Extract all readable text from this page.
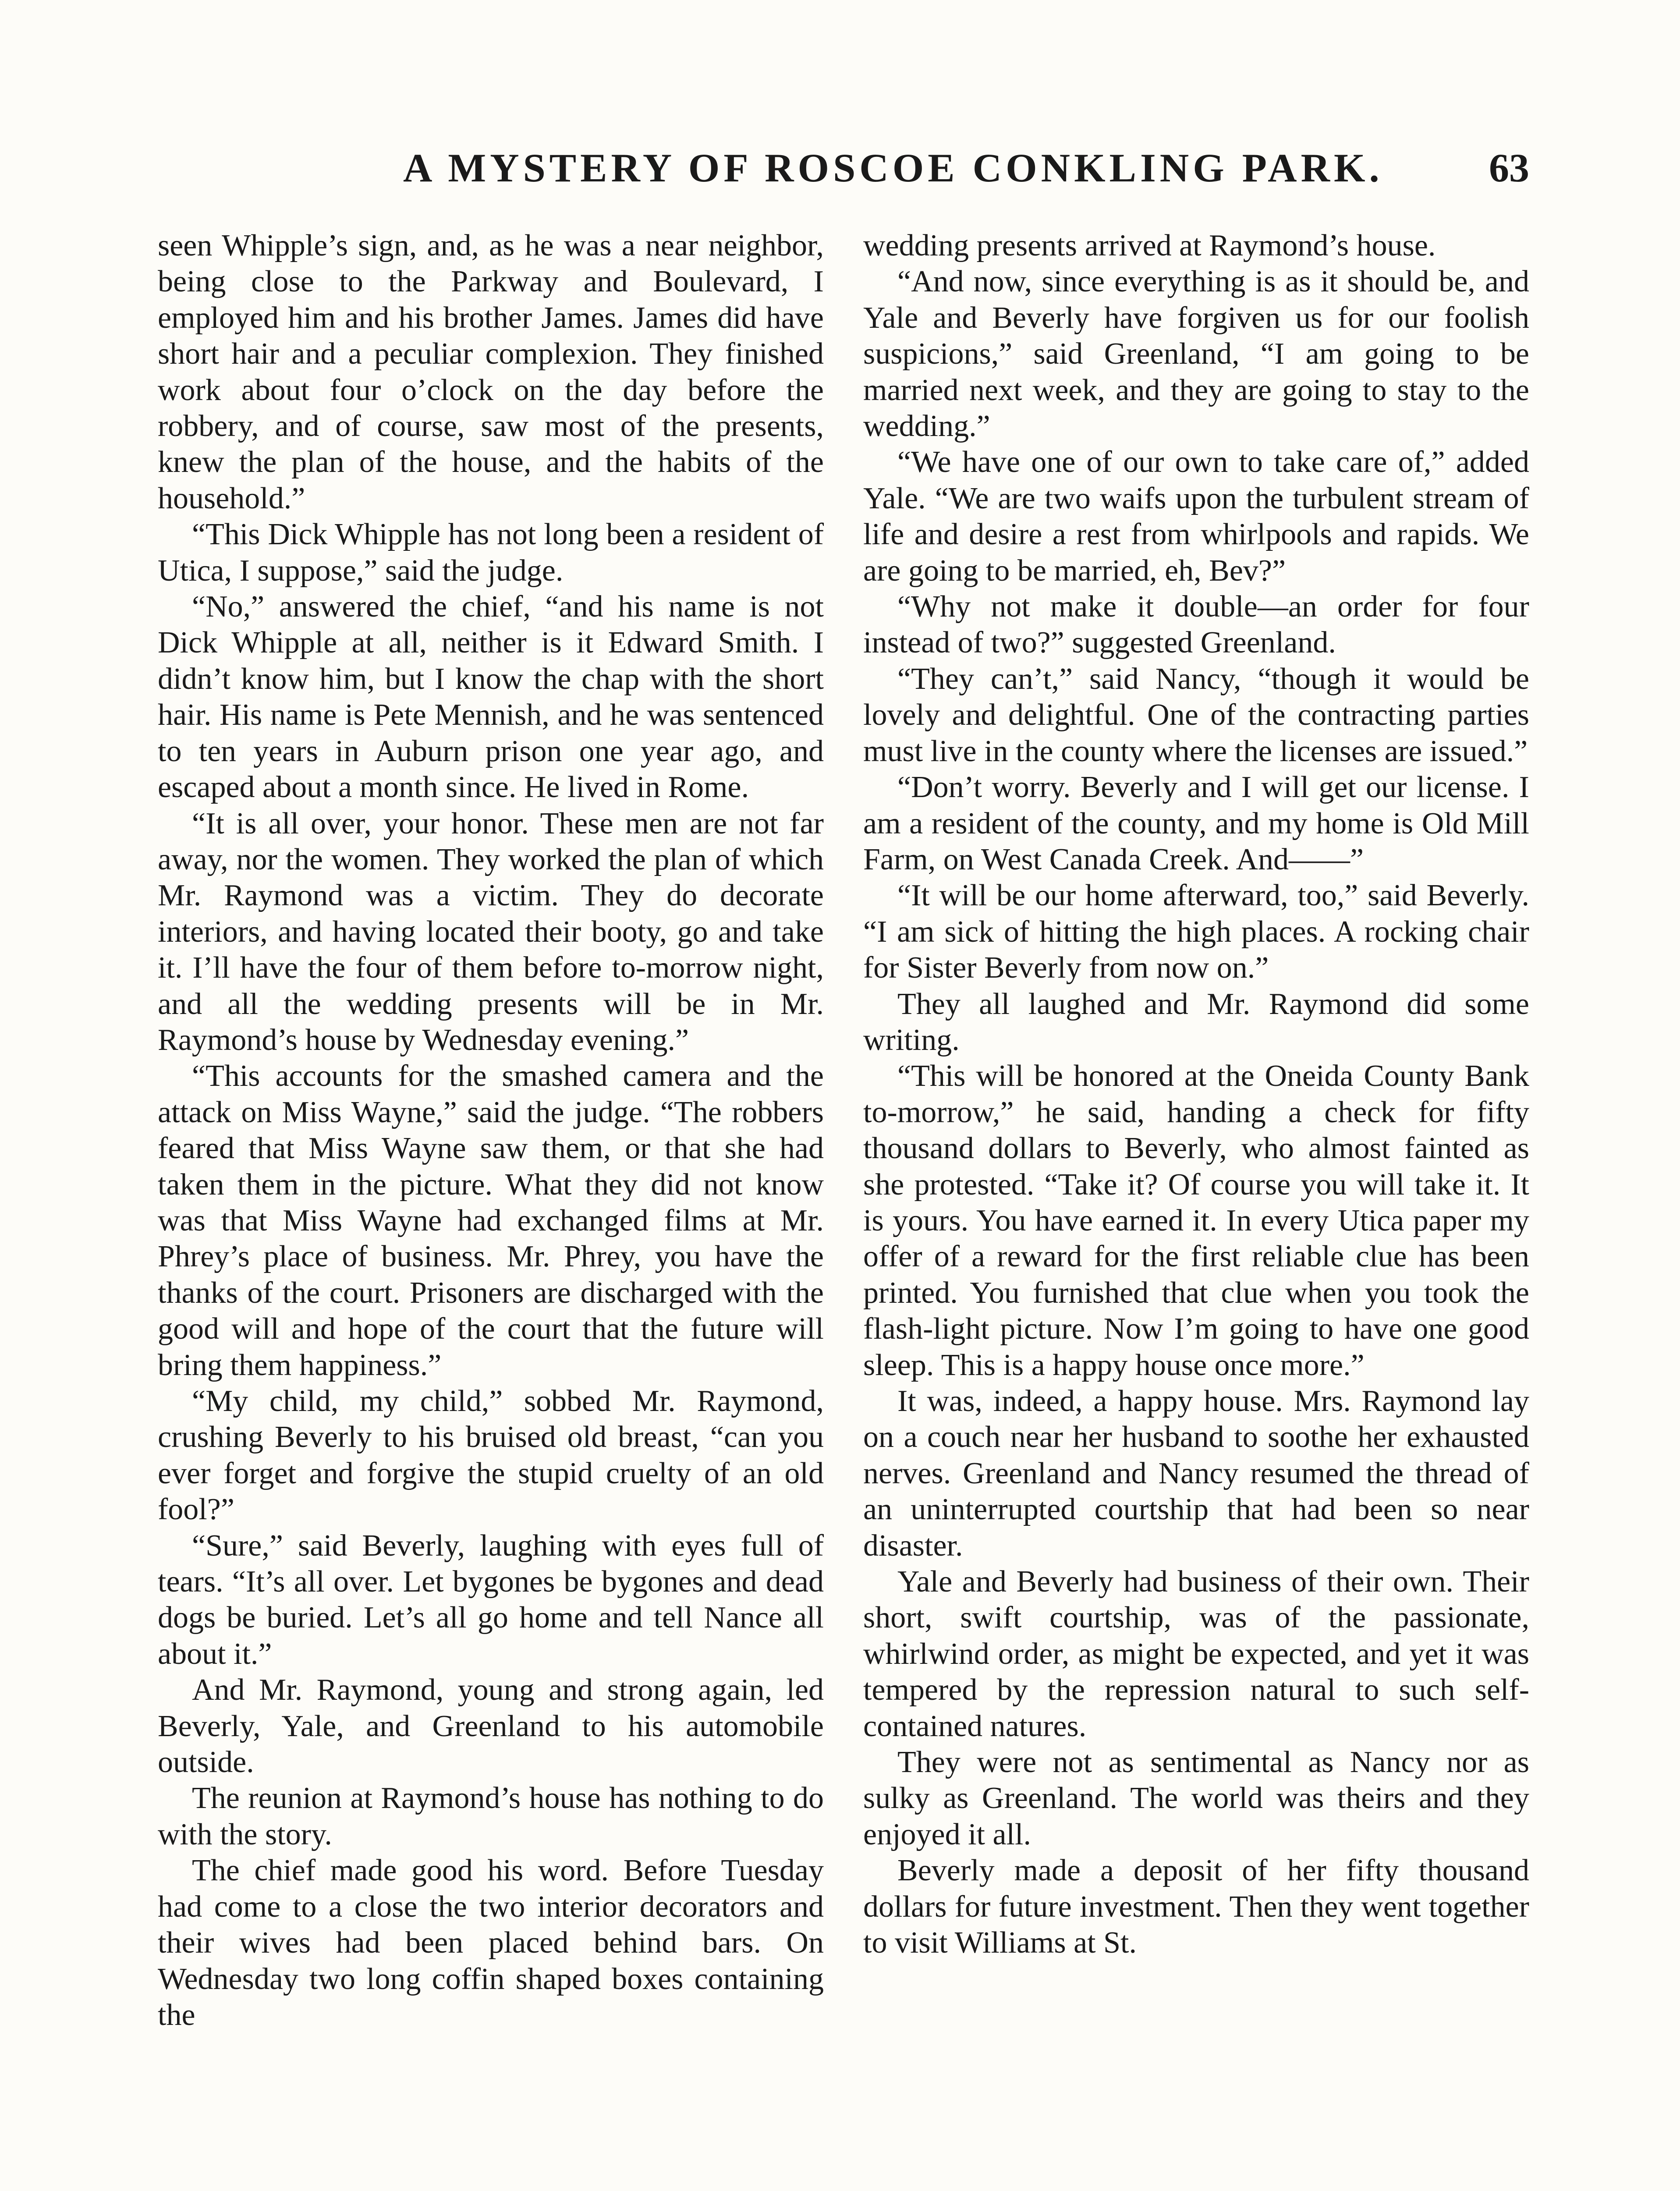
A MYSTERY OF ROSCOE CONKLING PARK.	63

seen Whipple’s sign, and, as he was a near neighbor, being close to the Parkway and Boulevard, I employed him and his brother James. James did have short hair and a peculiar complexion. They finished work about four o’clock on the day before the robbery, and of course, saw most of the presents, knew the plan of the house, and the habits of the household.”

“This Dick Whipple has not long been a resident of Utica, I suppose,” said the judge.

“No,” answered the chief, “and his name is not Dick Whipple at all, neither is it Edward Smith. I didn’t know him, but I know the chap with the short hair. His name is Pete Mennish, and he was sentenced to ten years in Auburn prison one year ago, and escaped about a month since. He lived in Rome.

“It is all over, your honor. These men are not far away, nor the women. They worked the plan of which Mr. Raymond was a victim. They do decorate interiors, and having located their booty, go and take it. I’ll have the four of them before to-morrow night, and all the wedding presents will be in Mr. Raymond’s house by Wednesday evening.”

“This accounts for the smashed camera and the attack on Miss Wayne,” said the judge. “The robbers feared that Miss Wayne saw them, or that she had taken them in the picture. What they did not know was that Miss Wayne had exchanged films at Mr. Phrey’s place of business. Mr. Phrey, you have the thanks of the court. Prisoners are discharged with the good will and hope of the court that the future will bring them happiness.”

“My child, my child,” sobbed Mr. Raymond, crushing Beverly to his bruised old breast, “can you ever forget and forgive the stupid cruelty of an old fool?”

“Sure,” said Beverly, laughing with eyes full of tears. “It’s all over. Let bygones be bygones and dead dogs be buried. Let’s all go home and tell Nance all about it.”

And Mr. Raymond, young and strong again, led Beverly, Yale, and Greenland to his automobile outside.

The reunion at Raymond’s house has nothing to do with the story.

The chief made good his word. Before Tuesday had come to a close the two interior decorators and their wives had been placed behind bars. On Wednesday two long coffin shaped boxes containing the

wedding presents arrived at Raymond’s house.

“And now, since everything is as it should be, and Yale and Beverly have forgiven us for our foolish suspicions,” said Greenland, “I am going to be married next week, and they are going to stay to the wedding.”

“We have one of our own to take care of,” added Yale. “We are two waifs upon the turbulent stream of life and desire a rest from whirlpools and rapids. We are going to be married, eh, Bev?”

“Why not make it double—an order for four instead of two?” suggested Greenland.

“They can’t,” said Nancy, “though it would be lovely and delightful. One of the contracting parties must live in the county where the licenses are issued.”

“Don’t worry. Beverly and I will get our license. I am a resident of the county, and my home is Old Mill Farm, on West Canada Creek. And——”

“It will be our home afterward, too,” said Beverly. “I am sick of hitting the high places. A rocking chair for Sister Beverly from now on.”

They all laughed and Mr. Raymond did some writing.

“This will be honored at the Oneida County Bank to-morrow,” he said, handing a check for fifty thousand dollars to Beverly, who almost fainted as she protested. “Take it? Of course you will take it. It is yours. You have earned it. In every Utica paper my offer of a reward for the first reliable clue has been printed. You furnished that clue when you took the flash-light picture. Now I’m going to have one good sleep. This is a happy house once more.”

It was, indeed, a happy house. Mrs. Raymond lay on a couch near her husband to soothe her exhausted nerves. Greenland and Nancy resumed the thread of an uninterrupted courtship that had been so near disaster.

Yale and Beverly had business of their own. Their short, swift courtship, was of the passionate, whirlwind order, as might be expected, and yet it was tempered by the repression natural to such self-contained natures.

They were not as sentimental as Nancy nor as sulky as Greenland. The world was theirs and they enjoyed it all.

Beverly made a deposit of her fifty thousand dollars for future investment. Then they went together to visit Williams at St.
